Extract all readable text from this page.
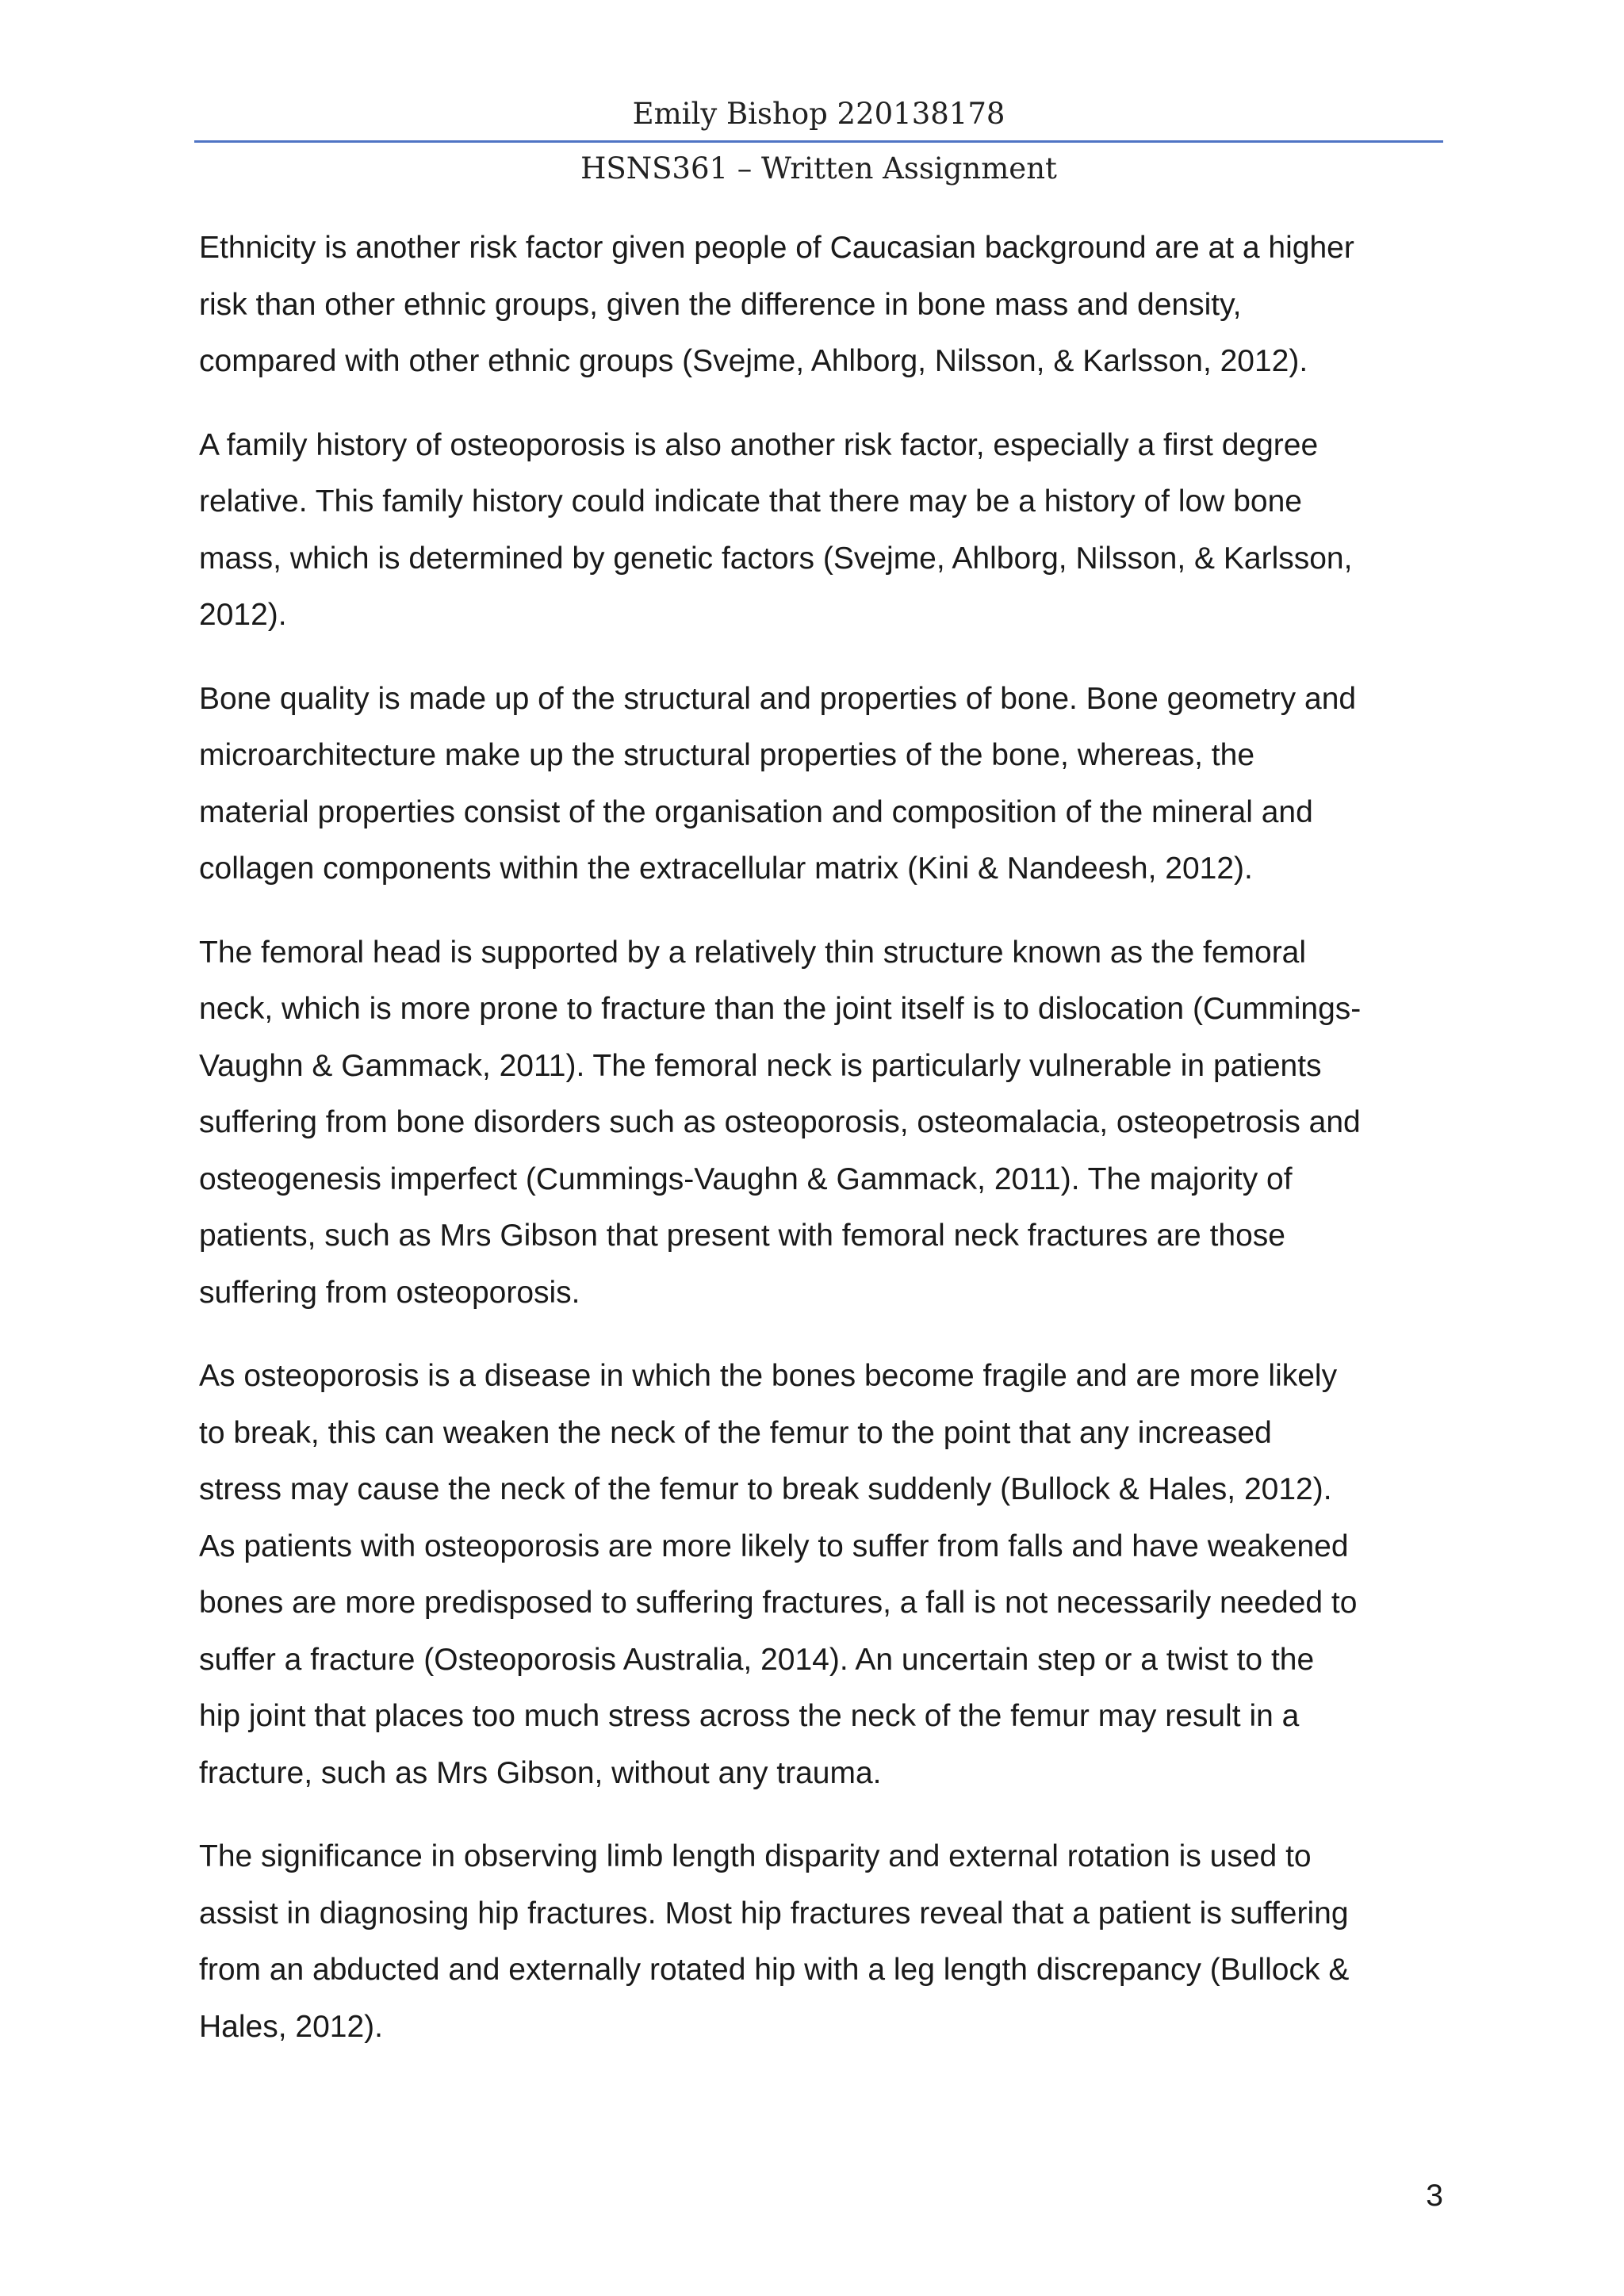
Emily Bishop 220138178
HSNS361 – Written Assignment
Ethnicity is another risk factor given people of Caucasian background are at a higher
risk than other ethnic groups, given the difference in bone mass and density,
compared with other ethnic groups (Svejme, Ahlborg, Nilsson, & Karlsson, 2012).
A family history of osteoporosis is also another risk factor, especially a first degree
relative. This family history could indicate that there may be a history of low bone
mass, which is determined by genetic factors (Svejme, Ahlborg, Nilsson, & Karlsson,
2012).
Bone quality is made up of the structural and properties of bone. Bone geometry and
microarchitecture make up the structural properties of the bone, whereas, the
material properties consist of the organisation and composition of the mineral and
collagen components within the extracellular matrix (Kini & Nandeesh, 2012).
The femoral head is supported by a relatively thin structure known as the femoral
neck, which is more prone to fracture than the joint itself is to dislocation (Cummings-
Vaughn & Gammack, 2011). The femoral neck is particularly vulnerable in patients
suffering from bone disorders such as osteoporosis, osteomalacia, osteopetrosis and
osteogenesis imperfect (Cummings-Vaughn & Gammack, 2011). The majority of
patients, such as Mrs Gibson that present with femoral neck fractures are those
suffering from osteoporosis.
As osteoporosis is a disease in which the bones become fragile and are more likely
to break, this can weaken the neck of the femur to the point that any increased
stress may cause the neck of the femur to break suddenly (Bullock & Hales, 2012).
As patients with osteoporosis are more likely to suffer from falls and have weakened
bones are more predisposed to suffering fractures, a fall is not necessarily needed to
suffer a fracture (Osteoporosis Australia, 2014). An uncertain step or a twist to the
hip joint that places too much stress across the neck of the femur may result in a
fracture, such as Mrs Gibson, without any trauma.
The significance in observing limb length disparity and external rotation is used to
assist in diagnosing hip fractures. Most hip fractures reveal that a patient is suffering
from an abducted and externally rotated hip with a leg length discrepancy (Bullock &
Hales, 2012).
3
